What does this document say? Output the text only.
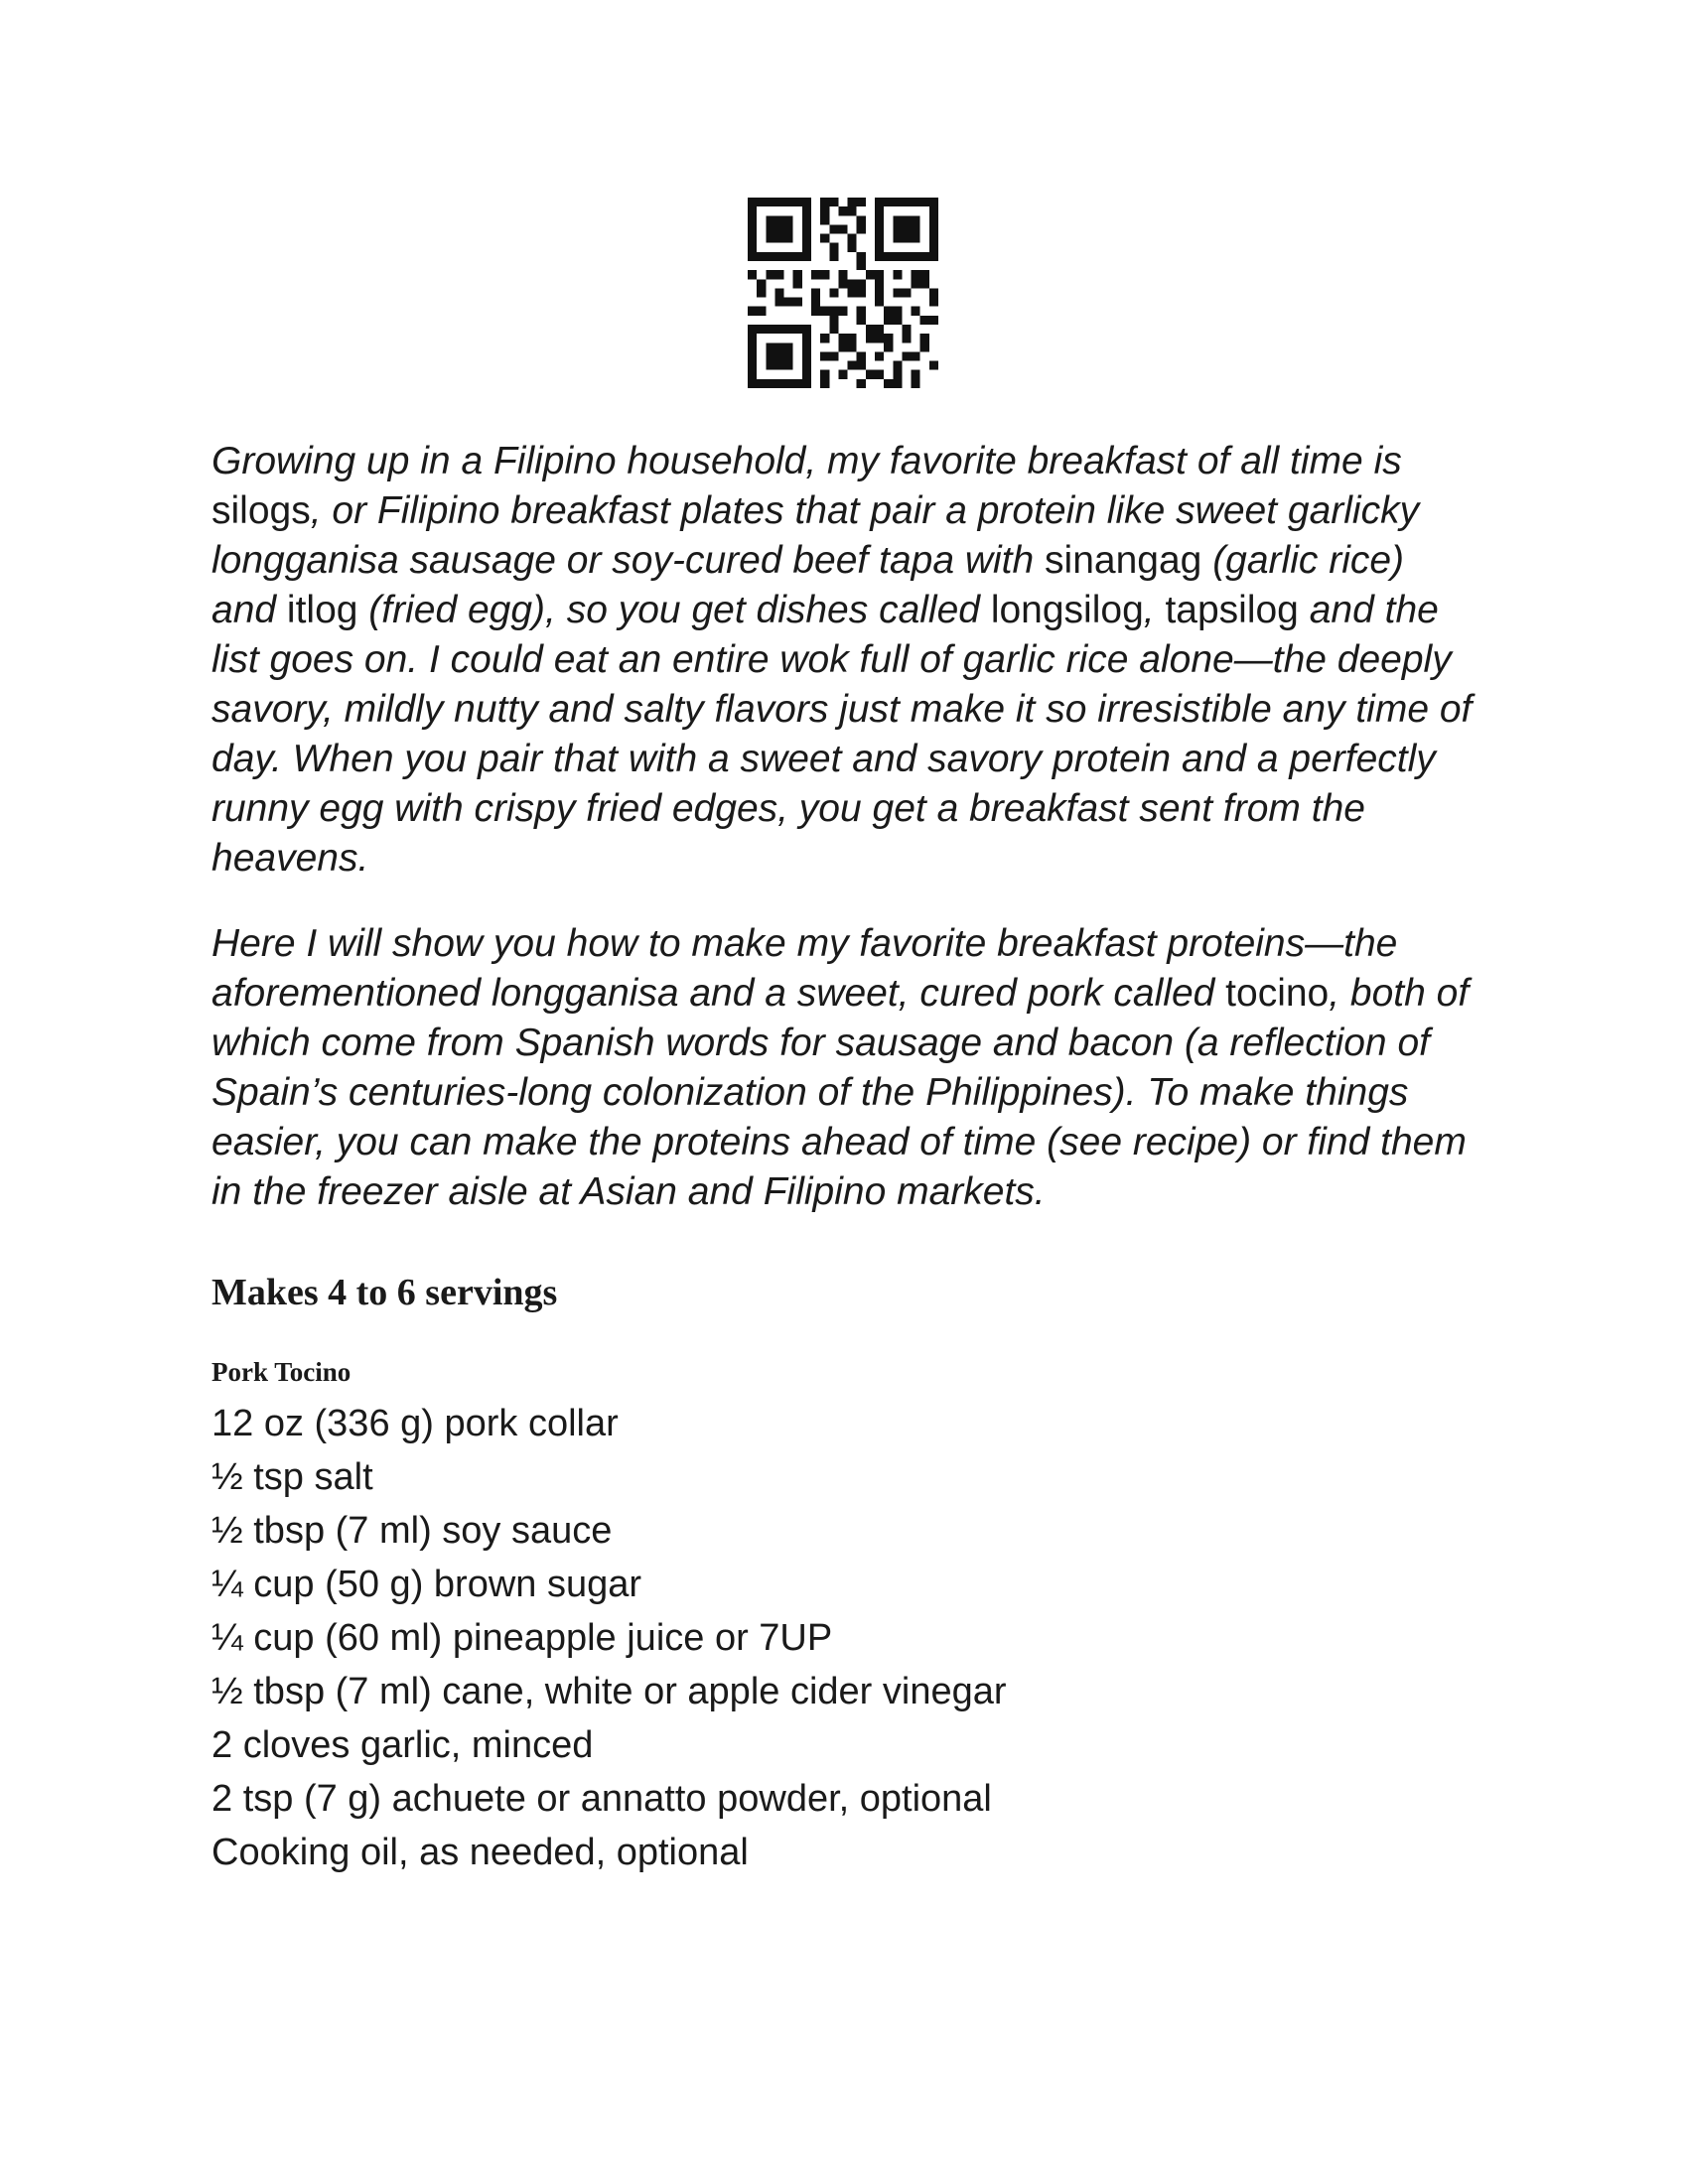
Growing up in a Filipino household, my favorite breakfast of all time is silogs, or Filipino breakfast plates that pair a protein like sweet garlicky longganisa sausage or soy-cured beef tapa with sinangag (garlic rice) and itlog (fried egg), so you get dishes called longsilog, tapsilog and the list goes on. I could eat an entire wok full of garlic rice alone—the deeply savory, mildly nutty and salty flavors just make it so irresistible any time of day. When you pair that with a sweet and savory protein and a perfectly runny egg with crispy fried edges, you get a breakfast sent from the heavens.

Here I will show you how to make my favorite breakfast proteins—the aforementioned longganisa and a sweet, cured pork called tocino, both of which come from Spanish words for sausage and bacon (a reflection of Spain’s centuries-long colonization of the Philippines). To make things easier, you can make the proteins ahead of time (see recipe) or find them in the freezer aisle at Asian and Filipino markets.

Makes 4 to 6 servings
Pork Tocino
12 oz (336 g) pork collar
½ tsp salt
½ tbsp (7 ml) soy sauce
¼ cup (50 g) brown sugar
¼ cup (60 ml) pineapple juice or 7UP
½ tbsp (7 ml) cane, white or apple cider vinegar
2 cloves garlic, minced
2 tsp (7 g) achuete or annatto powder, optional
Cooking oil, as needed, optional
